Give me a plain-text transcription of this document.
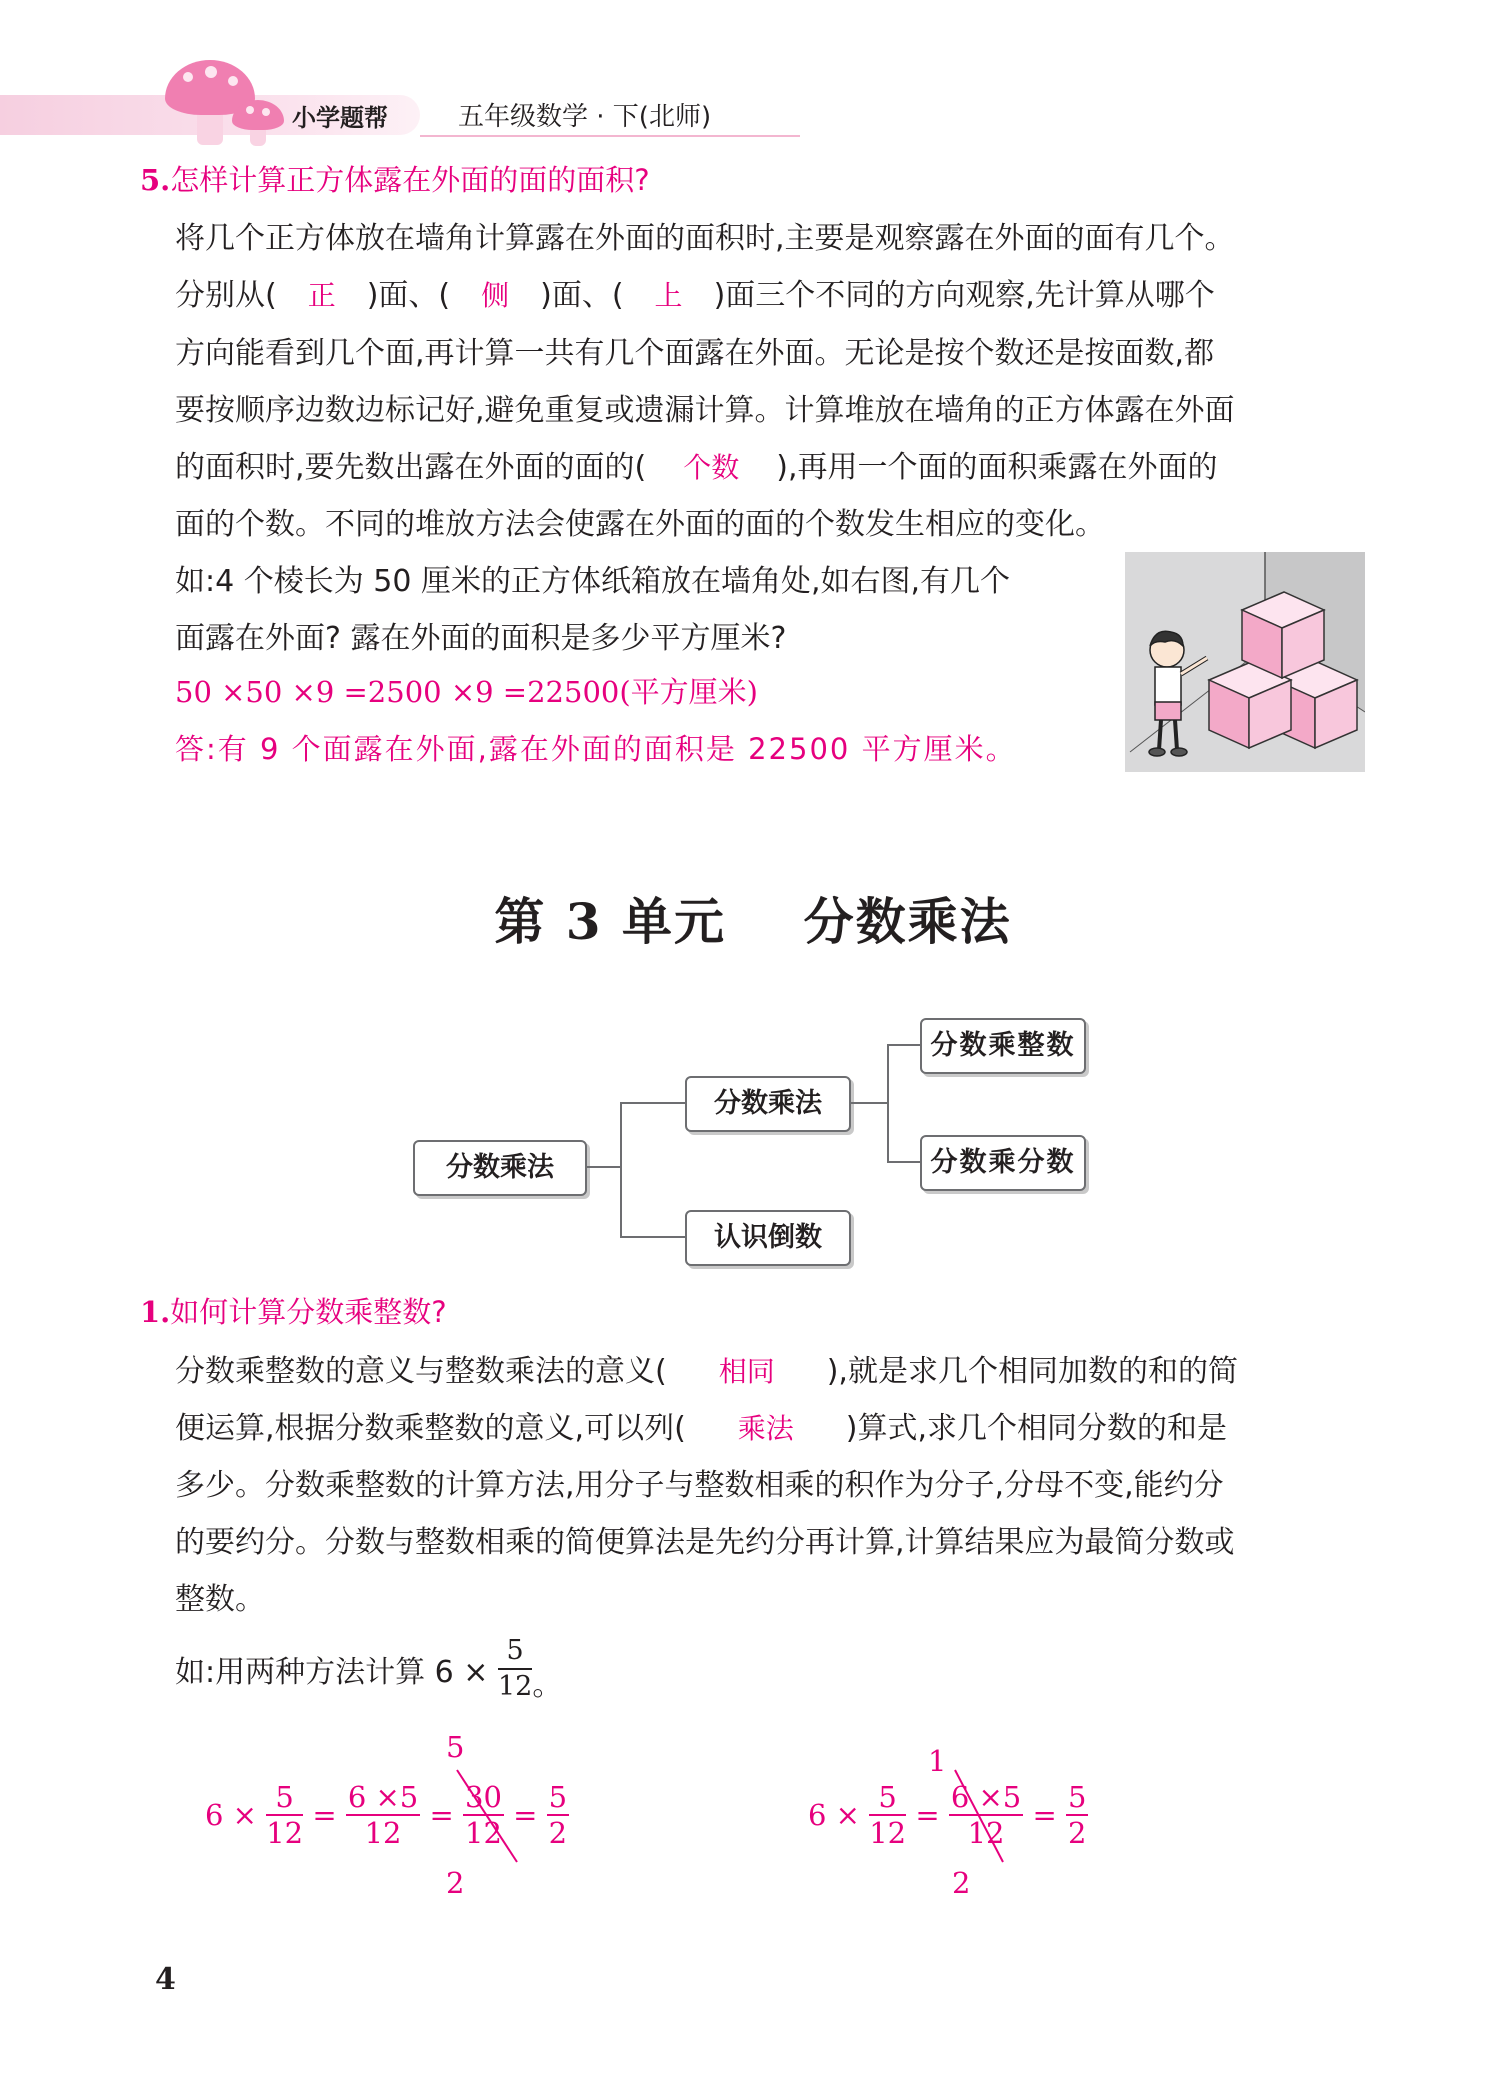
小学题帮	五年级数学 · 下(北师)
5.怎样计算正方体露在外面的面的面积?
将几个正方体放在墙角计算露在外面的面积时,主要是观察露在外面的面有几个。
分别从( 正 )面、( 侧 )面、( 上 )面三个不同的方向观察,先计算从哪个
方向能看到几个面,再计算一共有几个面露在外面。无论是按个数还是按面数,都
要按顺序边数边标记好,避免重复或遗漏计算。计算堆放在墙角的正方体露在外面
的面积时,要先数出露在外面的面的( 个数 ),再用一个面的面积乘露在外面的
面的个数。不同的堆放方法会使露在外面的面的个数发生相应的变化。
如:4 个棱长为 50 厘米的正方体纸箱放在墙角处,如右图,有几个
面露在外面? 露在外面的面积是多少平方厘米?
50 ×50 ×9 =2500 ×9 =22500(平方厘米)
答:有 9 个面露在外面,露在外面的面积是 22500 平方厘米。
第 3 单元    分数乘法
分数乘法
分数乘法
认识倒数
分数乘整数
分数乘分数
1.如何计算分数乘整数?
分数乘整数的意义与整数乘法的意义( 相同 ),就是求几个相同加数的和的简
便运算,根据分数乘整数的意义,可以列( 乘法 )算式,求几个相同分数的和是
多少。分数乘整数的计算方法,用分子与整数相乘的积作为分子,分母不变,能约分
的要约分。分数与整数相乘的简便算法是先约分再计算,计算结果应为最简分数或
整数。
如:用两种方法计算 $6 \times \frac{5}{12}$ 。
$6 \times \frac{5}{12} = \frac{6 \times 5}{12} = \frac{30}{12} = \frac{5}{2}$
5
2
$6 \times \frac{5}{12} = \frac{6 \times 5}{12} = \frac{5}{2}$
1
2
4
